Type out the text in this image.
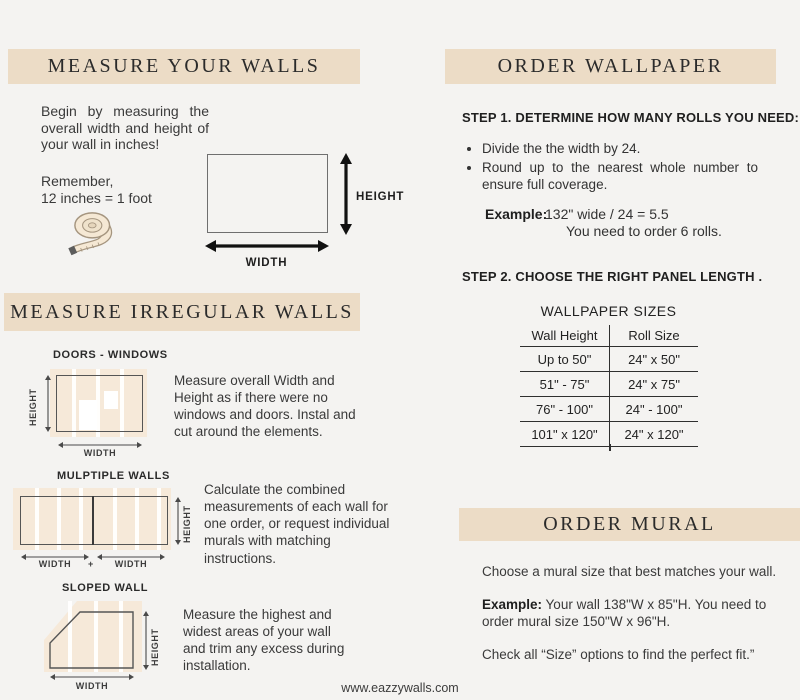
MEASURE YOUR WALLS
Begin by measuring the overall width and height of your wall in inches!
Remember,
12 inches = 1 foot	HEIGHT
WIDTH
MEASURE IRREGULAR WALLS
DOORS - WINDOWS
HEIGHT
WIDTH
Measure overall Width and Height as if there were no windows and doors. Instal and cut around the elements.
MULPTIPLE WALLS
HEIGHT
WIDTH	+	WIDTH
Calculate the combined measurements of each wall for one order, or request individual murals with matching instructions.
SLOPED WALL
HEIGHT
WIDTH
Measure the highest and widest areas of your wall and trim any excess during installation.
ORDER WALLPAPER
STEP 1. DETERMINE HOW MANY ROLLS YOU NEED:
• Divide the the width by 24.
• Round up to the nearest whole number to ensure full coverage.
Example:
132" wide / 24 = 5.5
You need to order 6 rolls.
STEP 2. CHOOSE THE RIGHT PANEL LENGTH .
WALLPAPER SIZES
Wall Height	Roll Size
Up to 50"	24" x 50"
51" - 75"	24" x 75"
76" - 100"	24" - 100"
101" x 120"	24" x 120"
ORDER MURAL

Choose a mural size that best matches your wall.

Example: Your wall 138"W x 85"H. You need to order mural size 150"W x 96"H.

Check all “Size” options to find the perfect fit.”

www.eazzywalls.com
